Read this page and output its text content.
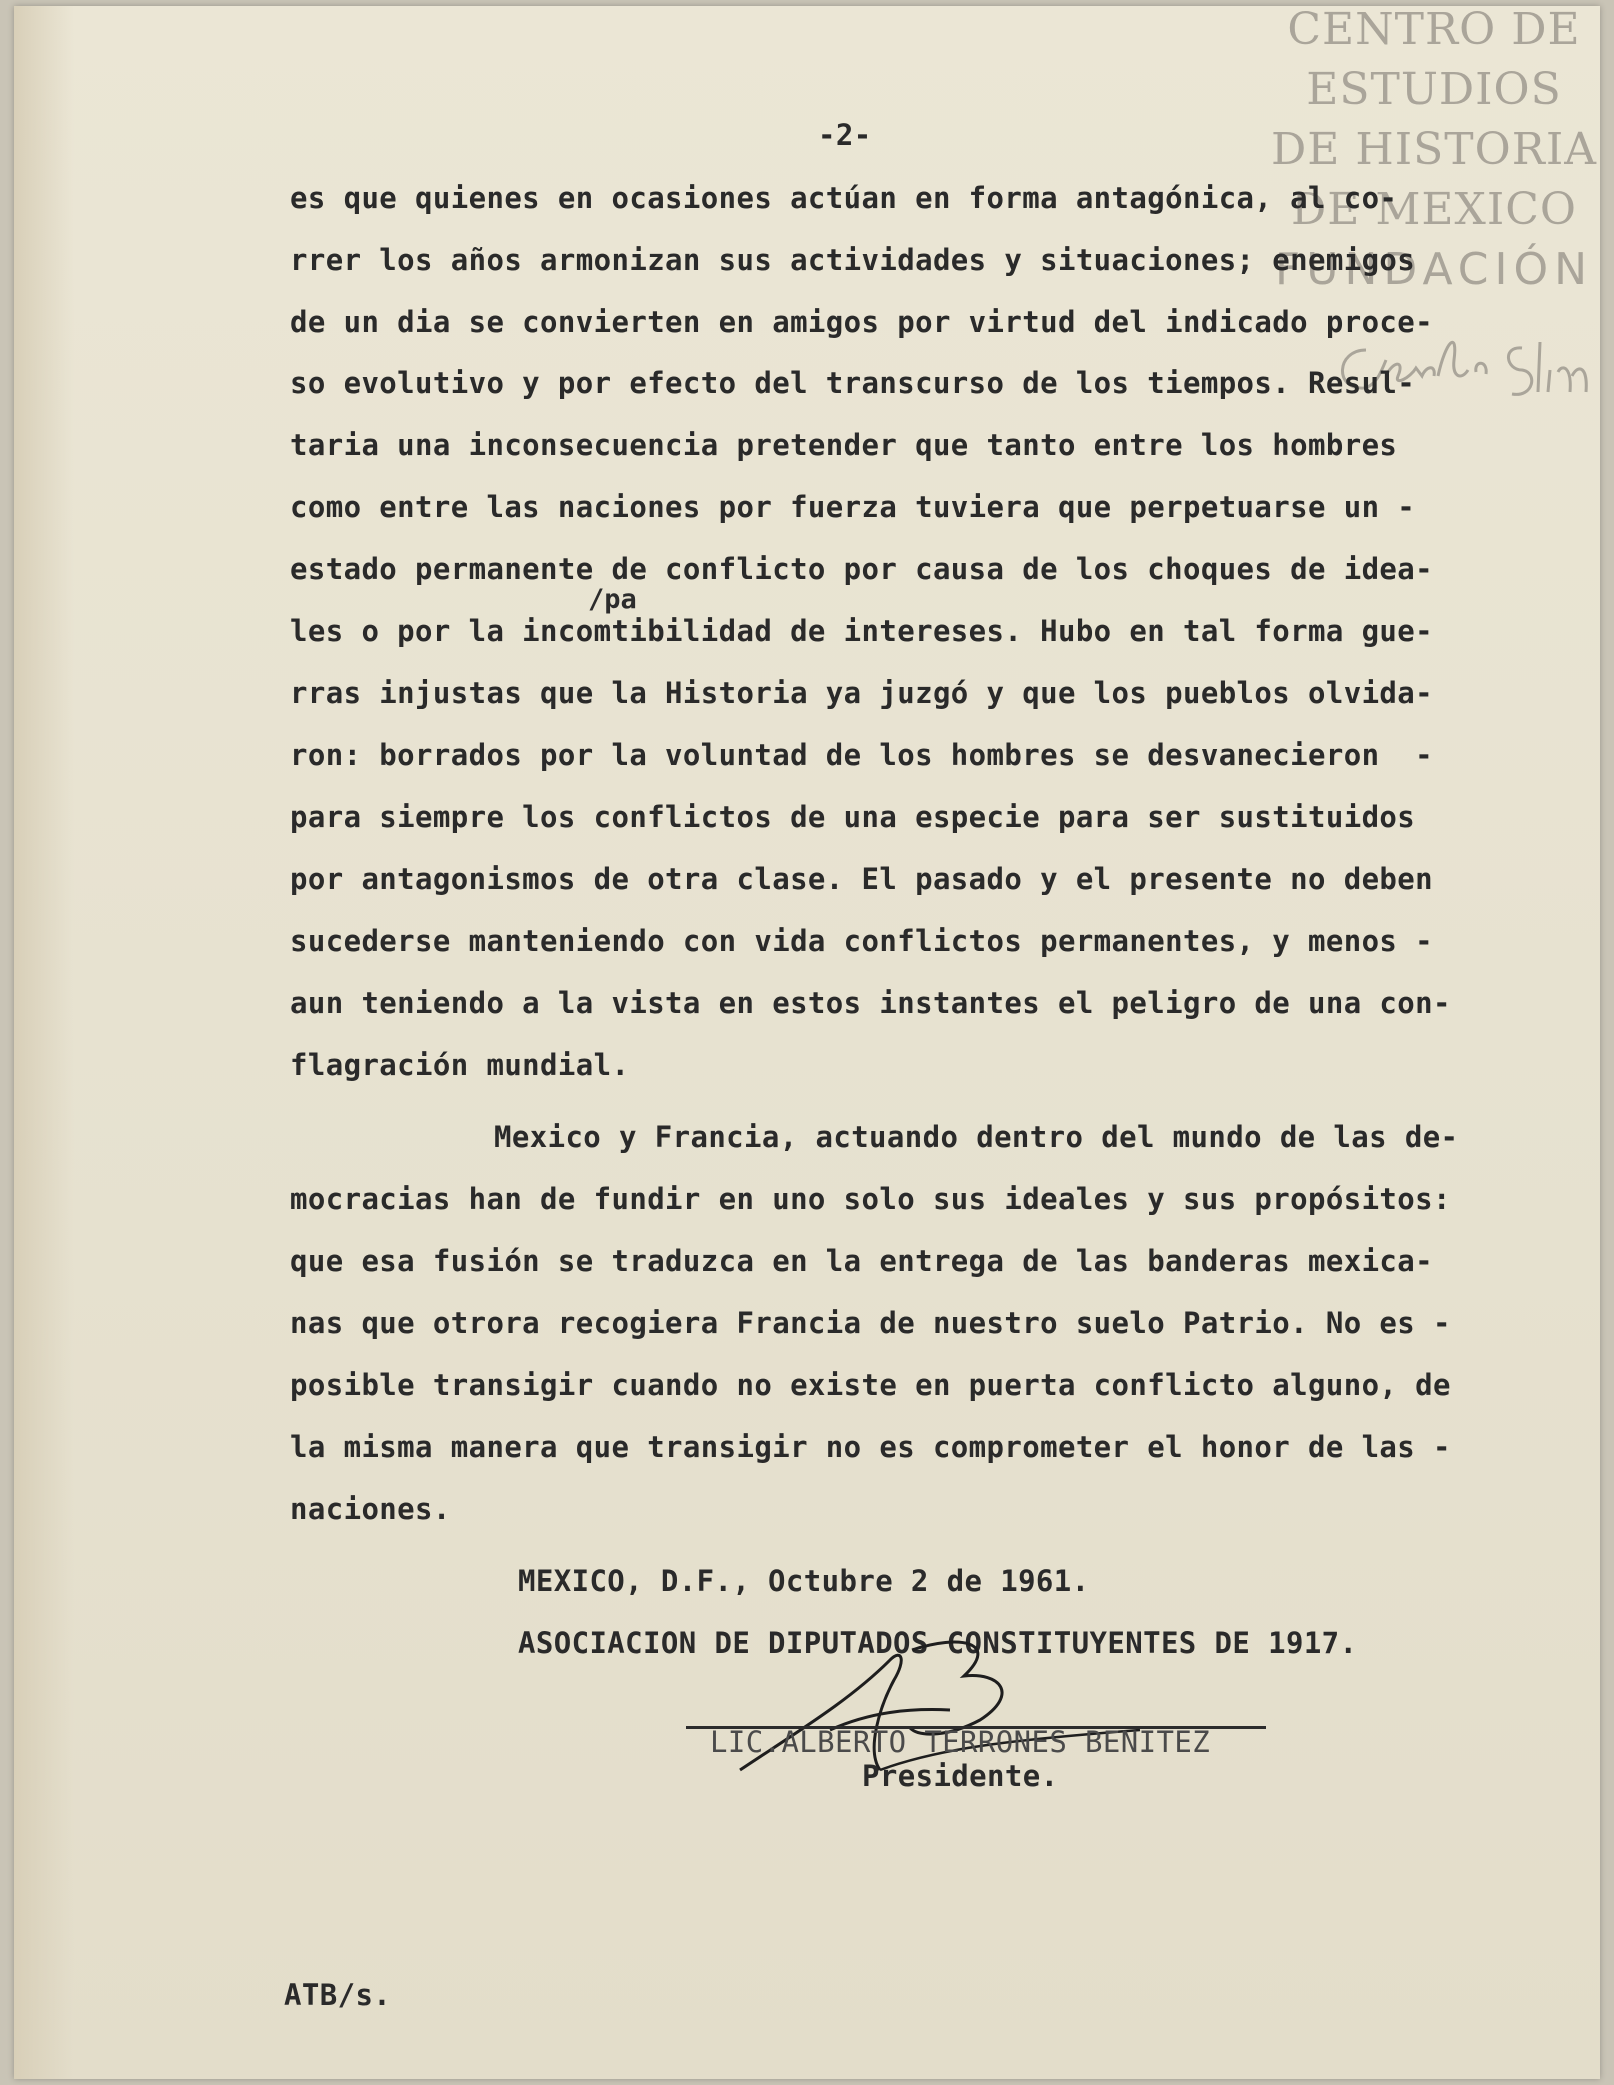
CENTRO DE
ESTUDIOS
DE HISTORIA
DE MEXICO
FUNDACIÓN

-2-

es que quienes en ocasiones actúan en forma antagónica, al co-

rrer los años armonizan sus actividades y situaciones; enemigos

de un dia se convierten en amigos por virtud del indicado proce-

so evolutivo y por efecto del transcurso de los tiempos. Resul-

taria una inconsecuencia pretender que tanto entre los hombres

como entre las naciones por fuerza tuviera que perpetuarse un -

estado permanente de conflicto por causa de los choques de idea-

les o por la incomtibilidad de intereses. Hubo en tal forma gue-

rras injustas que la Historia ya juzgó y que los pueblos olvida-

ron: borrados por la voluntad de los hombres se desvanecieron  -

para siempre los conflictos de una especie para ser sustituidos

por antagonismos de otra clase. El pasado y el presente no deben

sucederse manteniendo con vida conflictos permanentes, y menos -

aun teniendo a la vista en estos instantes el peligro de una con-

flagración mundial.

/pa

Mexico y Francia, actuando dentro del mundo de las de-

mocracias han de fundir en uno solo sus ideales y sus propósitos:

que esa fusión se traduzca en la entrega de las banderas mexica-

nas que otrora recogiera Francia de nuestro suelo Patrio. No es -

posible transigir cuando no existe en puerta conflicto alguno, de

la misma manera que transigir no es comprometer el honor de las -

naciones.

MEXICO, D.F., Octubre 2 de 1961.

ASOCIACION DE DIPUTADOS CONSTITUYENTES DE 1917.

LIC.ALBERTO TERRONES BENITEZ

Presidente.

ATB/s.
